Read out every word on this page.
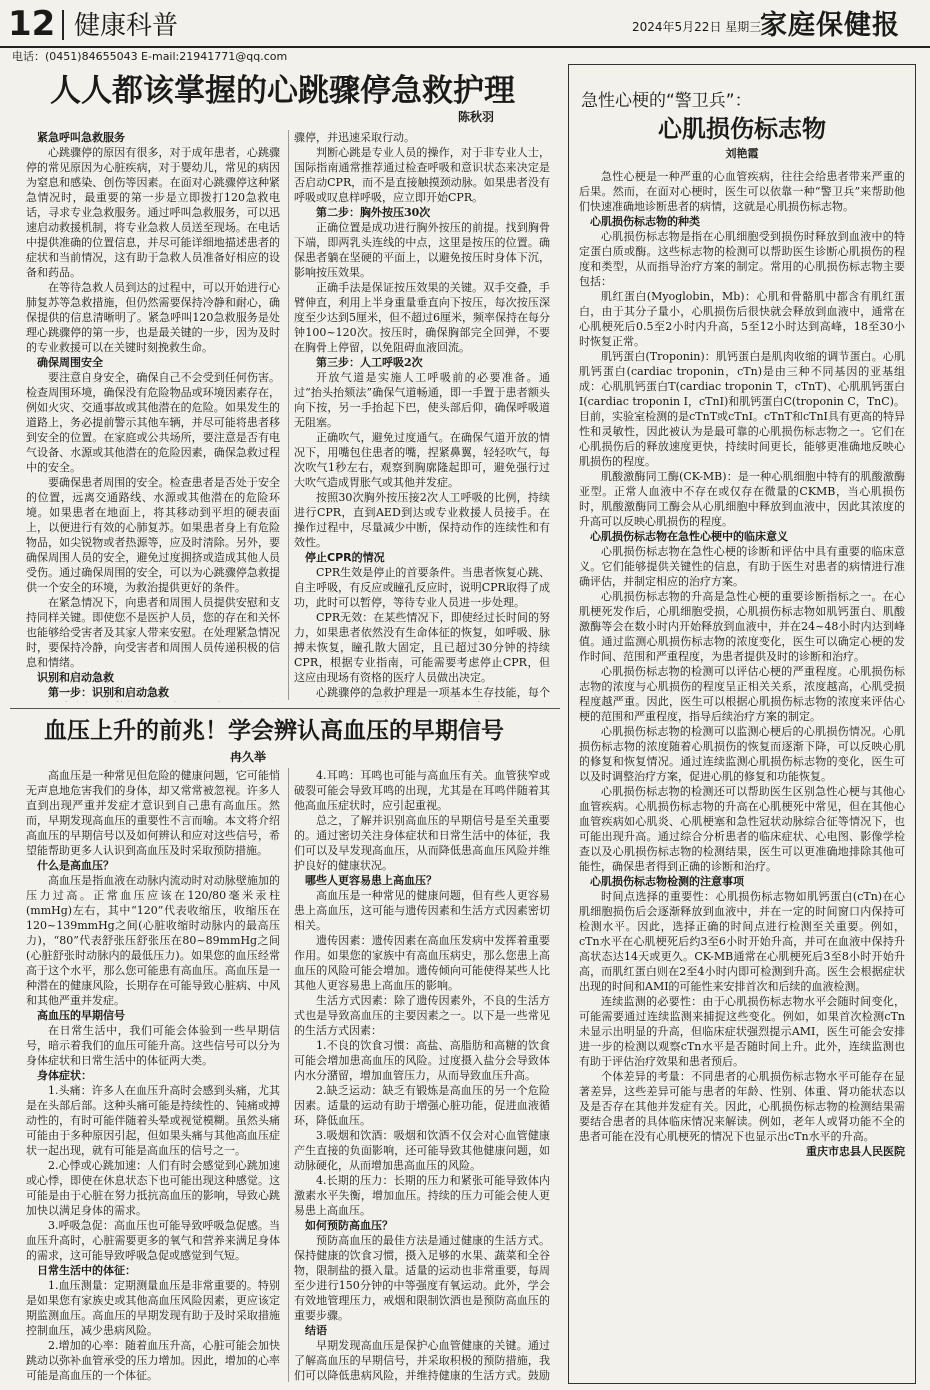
12 健康科普	2024年5月22日 星期三
家庭保健报
电话：(0451)84655043 E-mail:21941771@qq.com
人人都该掌握的心跳骤停急救护理
陈秋羽

紧急呼叫急救服务

心跳骤停的原因有很多，对于成年患者，心跳骤停的常见原因为心脏疾病，对于婴幼儿，常见的病因为窒息和感染、创伤等因素。在面对心跳骤停这种紧急情况时，最重要的第一步是立即拨打120急救电话，寻求专业急救服务。通过呼叫急救服务，可以迅速启动救援机制，将专业急救人员送至现场。在电话中提供准确的位置信息，并尽可能详细地描述患者的症状和当前情况，这有助于急救人员准备好相应的设备和药品。

在等待急救人员到达的过程中，可以开始进行心肺复苏等急救措施，但仍然需要保持冷静和耐心，确保提供的信息清晰明了。紧急呼叫120急救服务是处理心跳骤停的第一步，也是最关键的一步，因为及时的专业救援可以在关键时刻挽救生命。

确保周围安全

要注意自身安全，确保自己不会受到任何伤害。检查周围环境，确保没有危险物品或环境因素存在，例如火灾、交通事故或其他潜在的危险。如果发生的道路上，务必提前警示其他车辆，并尽可能将患者移到安全的位置。在家庭或公共场所，要注意是否有电气设备、水源或其他潜在的危险因素，确保急救过程中的安全。

要确保患者周围的安全。检查患者是否处于安全的位置，远离交通路线、水源或其他潜在的危险环境。如果患者在地面上，将其移动到平坦的硬表面上，以便进行有效的心肺复苏。如果患者身上有危险物品，如尖锐物或者热源等，应及时清除。另外，要确保周围人员的安全，避免过度拥挤或造成其他人员受伤。通过确保周围的安全，可以为心跳骤停急救提供一个安全的环境，为救治提供更好的条件。

在紧急情况下，向患者和周围人员提供安慰和支持同样关键。即使您不是医护人员，您的存在和关怀也能够给受害者及其家人带来安慰。在处理紧急情况时，要保持冷静，向受害者和周围人员传递积极的信息和情绪。

识别和启动急救

第一步：识别和启动急救

骤停，并迅速采取行动。

判断心跳是专业人员的操作，对于非专业人士，国际指南通常推荐通过检查呼吸和意识状态来决定是否启动CPR，而不是直接触摸颈动脉。如果患者没有呼吸或叹息样呼吸，应立即开始CPR。

第二步：胸外按压30次

正确位置是成功进行胸外按压的前提。找到胸骨下端，即两乳头连线的中点，这里是按压的位置。确保患者躺在坚硬的平面上，以避免按压时身体下沉，影响按压效果。

正确手法是保证按压效果的关键。双手交叠，手臂伸直，利用上半身重量垂直向下按压，每次按压深度至少达到5厘米，但不超过6厘米，频率保持在每分钟100~120次。按压时，确保胸部完全回弹，不要在胸骨上停留，以免阻碍血液回流。

第三步：人工呼吸2次

开放气道是实施人工呼吸前的必要准备。通过“抬头抬颏法”确保气道畅通，即一手置于患者额头向下按，另一手抬起下巴，使头部后仰，确保呼吸道无阻塞。

正确吹气，避免过度通气。在确保气道开放的情况下，用嘴包住患者的嘴，捏紧鼻翼，轻轻吹气，每次吹气1秒左右，观察到胸廓隆起即可，避免强行过大吹气造成胃胀气或其他并发症。

按照30次胸外按压接2次人工呼吸的比例，持续进行CPR，直到AED到达或专业救援人员接手。在操作过程中，尽量减少中断，保持动作的连续性和有效性。

停止CPR的情况

CPR生效是停止的首要条件。当患者恢复心跳、自主呼吸，有反应或瞳孔反应时，说明CPR取得了成功，此时可以暂停，等待专业人员进一步处理。

CPR无效：在某些情况下，即使经过长时间的努力，如果患者依然没有生命体征的恢复，如呼吸、脉搏未恢复，瞳孔散大固定，且已超过30分钟的持续CPR，根据专业指南，可能需要考虑停止CPR，但这应由现场有资格的医疗人员做出决定。

心跳骤停的急救护理是一项基本生存技能，每个

血压上升的前兆！学会辨认高血压的早期信号
冉久举

高血压是一种常见但危险的健康问题，它可能悄无声息地危害我们的身体，却又常常被忽视。许多人直到出现严重并发症才意识到自己患有高血压。然而，早期发现高血压的重要性不言而喻。本文将介绍高血压的早期信号以及如何辨认和应对这些信号，希望能帮助更多人认识到高血压及时采取预防措施。

什么是高血压？

高血压是指血液在动脉内流动时对动脉壁施加的压力过高。正常血压应该在120/80毫米汞柱(mmHg)左右，其中“120”代表收缩压，收缩压在120~139mmHg之间(心脏收缩时动脉内的最高压力)，“80”代表舒张压舒张压在80~89mmHg之间(心脏舒张时动脉内的最低压力)。如果您的血压经常高于这个水平，那么您可能患有高血压。高血压是一种潜在的健康风险，长期存在可能导致心脏病、中风和其他严重并发症。

高血压的早期信号

在日常生活中，我们可能会体验到一些早期信号，暗示着我们的血压可能升高。这些信号可以分为身体症状和日常生活中的体征两大类。

身体症状：

1.头痛：许多人在血压升高时会感到头痛，尤其是在头部后部。这种头痛可能是持续性的、钝痛或搏动性的，有时可能伴随着头晕或视觉模糊。虽然头痛可能由于多种原因引起，但如果头痛与其他高血压症状一起出现，就有可能是高血压的信号之一。

2.心悸或心跳加速：人们有时会感觉到心跳加速或心悸，即使在休息状态下也可能出现这种感觉。这可能是由于心脏在努力抵抗高血压的影响，导致心跳加快以满足身体的需求。

3.呼吸急促：高血压也可能导致呼吸急促感。当血压升高时，心脏需要更多的氧气和营养来满足身体的需求，这可能导致呼吸急促或感觉到气短。

日常生活中的体征：

1.血压测量：定期测量血压是非常重要的。特别是如果您有家族史或其他高血压风险因素，更应该定期监测血压。高血压的早期发现有助于及时采取措施控制血压，减少患病风险。

2.增加的心率：随着血压升高，心脏可能会加快跳动以弥补血管承受的压力增加。因此，增加的心率可能是高血压的一个体征。

4.耳鸣：耳鸣也可能与高血压有关。血管狭窄或破裂可能会导致耳鸣的出现，尤其是在耳鸣伴随着其他高血压症状时，应引起重视。

总之，了解并识别高血压的早期信号是至关重要的。通过密切关注身体症状和日常生活中的体征，我们可以及早发现高血压，从而降低患高血压风险并维护良好的健康状况。

哪些人更容易患上高血压？

高血压是一种常见的健康问题，但有些人更容易患上高血压，这可能与遗传因素和生活方式因素密切相关。

遗传因素：遗传因素在高血压发病中发挥着重要作用。如果您的家族中有高血压病史，那么您患上高血压的风险可能会增加。遗传倾向可能使得某些人比其他人更容易患上高血压的影响。

生活方式因素：除了遗传因素外，不良的生活方式也是导致高血压的主要因素之一。以下是一些常见的生活方式因素：

1.不良的饮食习惯：高盐、高脂肪和高糖的饮食可能会增加患高血压的风险。过度摄入盐分会导致体内水分潴留，增加血管压力，从而导致血压升高。

2.缺乏运动：缺乏有锻炼是高血压的另一个危险因素。适量的运动有助于增强心脏功能，促进血液循环，降低血压。

3.吸烟和饮酒：吸烟和饮酒不仅会对心血管健康产生直接的负面影响，还可能导致其他健康问题，如动脉硬化，从而增加患高血压的风险。

4.长期的压力：长期的压力和紧张可能导致体内激素水平失衡，增加血压。持续的压力可能会使人更易患上高血压。

如何预防高血压？

预防高血压的最佳方法是通过健康的生活方式。保持健康的饮食习惯，摄入足够的水果、蔬菜和全谷物，限制盐的摄入量。适量的运动也非常重要，每周至少进行150分钟的中等强度有氧运动。此外，学会有效地管理压力，戒烟和限制饮酒也是预防高血压的重要步骤。

结语

早期发现高血压是保护心血管健康的关键。通过了解高血压的早期信号，并采取积极的预防措施，我们可以降低患病风险，并维持健康的生活方式。鼓励

急性心梗的“警卫兵”：
心肌损伤标志物
刘艳霞

急性心梗是一种严重的心血管疾病，往往会给患者带来严重的后果。然而，在面对心梗时，医生可以依靠一种“警卫兵”来帮助他们快速准确地诊断患者的病情，这就是心肌损伤标志物。

心肌损伤标志物的种类

心肌损伤标志物是指在心肌细胞受到损伤时释放到血液中的特定蛋白质或酶。这些标志物的检测可以帮助医生诊断心肌损伤的程度和类型，从而指导治疗方案的制定。常用的心肌损伤标志物主要包括：

肌红蛋白(Myoglobin，Mb)：心肌和骨骼肌中都含有肌红蛋白，由于其分子量小，心肌损伤后很快就会释放到血液中，通常在心肌梗死后0.5至2小时内升高，5至12小时达到高峰，18至30小时恢复正常。

肌钙蛋白(Troponin)：肌钙蛋白是肌肉收缩的调节蛋白。心肌肌钙蛋白(cardiac troponin，cTn)是由三种不同基因的亚基组成：心肌肌钙蛋白T(cardiac troponin T，cTnT)、心肌肌钙蛋白I(cardiac troponin I，cTnI)和肌钙蛋白C(troponin C，TnC)。目前，实验室检测的是cTnT或cTnI。cTnT和cTnI具有更高的特异性和灵敏性，因此被认为是最可靠的心肌损伤标志物之一。它们在心肌损伤后的释放速度更快，持续时间更长，能够更准确地反映心肌损伤的程度。

肌酸激酶同工酶(CK-MB)：是一种心肌细胞中特有的肌酸激酶亚型。正常人血液中不存在或仅存在微量的CKMB，当心肌损伤时，肌酸激酶同工酶会从心肌细胞中释放到血液中，因此其浓度的升高可以反映心肌损伤的程度。

心肌损伤标志物在急性心梗中的临床意义

心肌损伤标志物在急性心梗的诊断和评估中具有重要的临床意义。它们能够提供关键性的信息，有助于医生对患者的病情进行准确评估，并制定相应的治疗方案。

心肌损伤标志物的升高是急性心梗的重要诊断指标之一。在心肌梗死发作后，心肌细胞受损，心肌损伤标志物如肌钙蛋白、肌酸激酶等会在数小时内开始释放到血液中，并在24~48小时内达到峰值。通过监测心肌损伤标志物的浓度变化，医生可以确定心梗的发作时间、范围和严重程度，为患者提供及时的诊断和治疗。

心肌损伤标志物的检测可以评估心梗的严重程度。心肌损伤标志物的浓度与心肌损伤的程度呈正相关关系，浓度越高，心肌受损程度越严重。因此，医生可以根据心肌损伤标志物的浓度来评估心梗的范围和严重程度，指导后续治疗方案的制定。

心肌损伤标志物的检测可以监测心梗后的心肌损伤情况。心肌损伤标志物的浓度随着心肌损伤的恢复而逐渐下降，可以反映心肌的修复和恢复情况。通过连续监测心肌损伤标志物的变化，医生可以及时调整治疗方案，促进心肌的修复和功能恢复。

心肌损伤标志物的检测还可以帮助医生区别急性心梗与其他心血管疾病。心肌损伤标志物的升高在心肌梗死中常见，但在其他心血管疾病如心肌炎、心肌梗塞和急性冠状动脉综合征等情况下，也可能出现升高。通过综合分析患者的临床症状、心电图、影像学检查以及心肌损伤标志物的检测结果，医生可以更准确地排除其他可能性，确保患者得到正确的诊断和治疗。

心肌损伤标志物检测的注意事项

时间点选择的重要性：心肌损伤标志物如肌钙蛋白(cTn)在心肌细胞损伤后会逐渐释放到血液中，并在一定的时间窗口内保持可检测水平。因此，选择正确的时间点进行检测至关重要。例如，cTn水平在心肌梗死后约3至6小时开始升高，并可在血液中保持升高状态达14天或更久。CK-MB通常在心肌梗死后3至8小时开始升高，而肌红蛋白则在2至4小时内即可检测到升高。医生会根据症状出现的时间和AMI的可能性来安排首次和后续的血液检测。

连续监测的必要性：由于心肌损伤标志物水平会随时间变化，可能需要通过连续监测来捕捉这些变化。例如，如果首次检测cTn未显示出明显的升高，但临床症状强烈提示AMI，医生可能会安排进一步的检测以观察cTn水平是否随时间上升。此外，连续监测也有助于评估治疗效果和患者预后。

个体差异的考量：不同患者的心肌损伤标志物水平可能存在显著差异，这些差异可能与患者的年龄、性别、体重、肾功能状态以及是否存在其他并发症有关。因此，心肌损伤标志物的检测结果需要结合患者的具体临床情况来解读。例如，老年人或肾功能不全的患者可能在没有心肌梗死的情况下也显示出cTn水平的升高。

重庆市忠县人民医院
